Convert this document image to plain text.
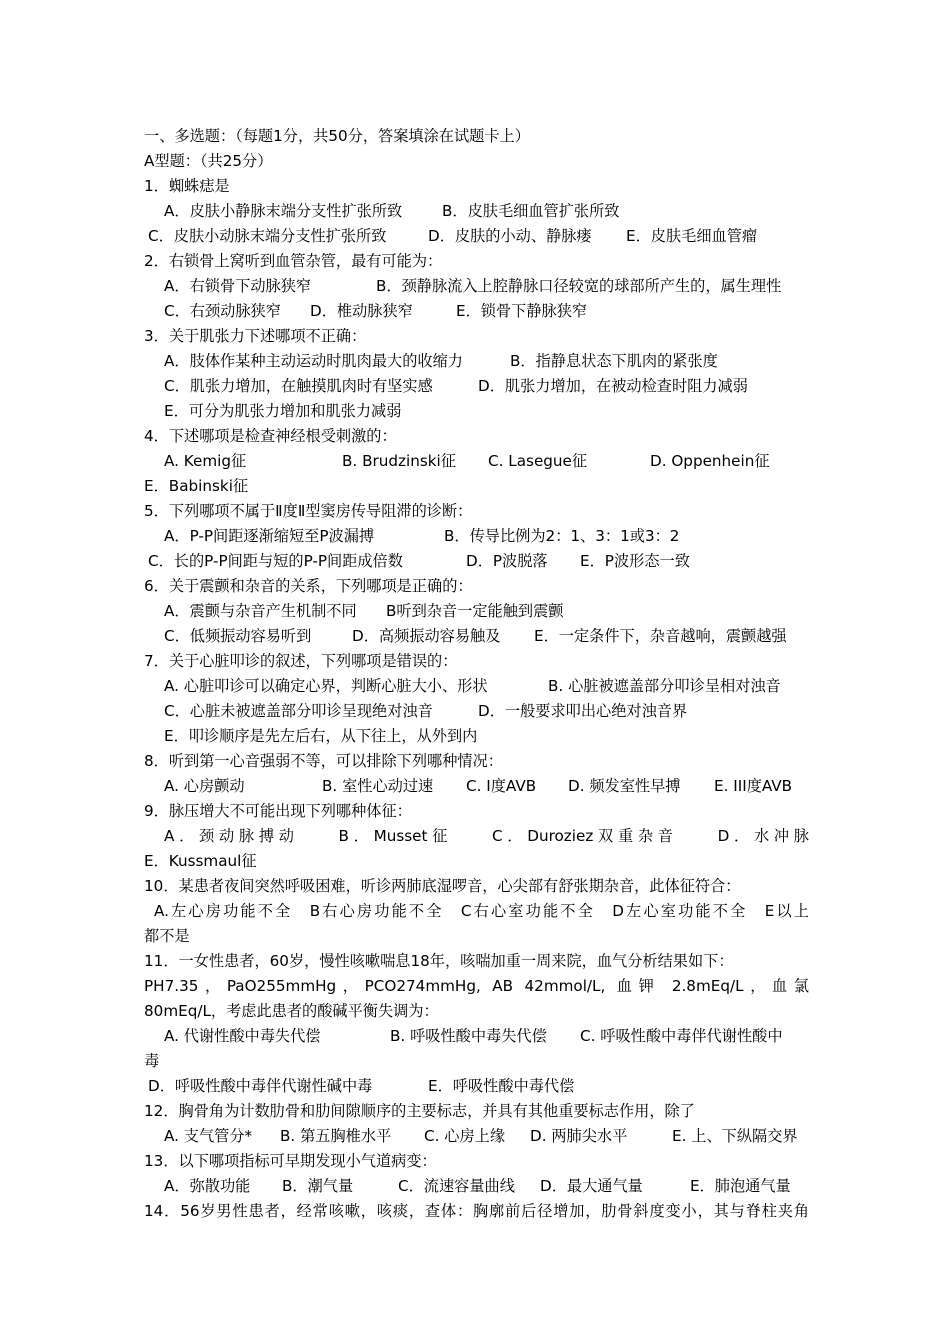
一、多选题：（每题1分，共50分，答案填涂在试题卡上）
A型题：（共25分）
1．蜘蛛痣是
A．皮肤小静脉末端分支性扩张所致	B．皮肤毛细血管扩张所致
C．皮肤小动脉末端分支性扩张所致	D．皮肤的小动、静脉瘘 E．皮肤毛细血管瘤
2．右锁骨上窝听到血管杂管，最有可能为：
A．右锁骨下动脉狭窄	B．颈静脉流入上腔静脉口径较宽的球部所产生的，属生理性
C．右颈动脉狭窄 D．椎动脉狭窄	E．锁骨下静脉狭窄
3．关于肌张力下述哪项不正确：
A．肢体作某种主动运动时肌肉最大的收缩力	B．指静息状态下肌肉的紧张度
C．肌张力增加，在触摸肌肉时有坚实感	D．肌张力增加，在被动检查时阻力减弱
E．可分为肌张力增加和肌张力减弱
4．下述哪项是检查神经根受刺激的：
A. Kemig征	B. Brudzinski征 C. Lasegue征	D. Oppenhein征
E．Babinski征
5．下列哪项不属于Ⅱ度Ⅱ型窦房传导阻滞的诊断：
A．P-P间距逐渐缩短至P波漏搏	B．传导比例为2：1、3：1或3：2
C．长的P-P间距与短的P-P间距成倍数	D．P波脱落 E．P波形态一致
6．关于震颤和杂音的关系，下列哪项是正确的：
A．震颤与杂音产生机制不同 B听到杂音一定能触到震颤
C．低频振动容易听到	D．高频振动容易触及 E．一定条件下，杂音越响，震颤越强
7．关于心脏叩诊的叙述，下列哪项是错误的：
A. 心脏叩诊可以确定心界，判断心脏大小、形状	B. 心脏被遮盖部分叩诊呈相对浊音
C．心脏未被遮盖部分叩诊呈现绝对浊音	D．一般要求叩出心绝对浊音界
E．叩诊顺序是先左后右，从下往上，从外到内
8．听到第一心音强弱不等，可以排除下列哪种情况：
A. 心房颤动	B. 室性心动过速 C. I度AVB D. 频发室性早搏 E. III度AVB
9．脉压增大不可能出现下列哪种体征：
A．颈动脉搏动　　B．Musset征　　C．Duroziez双重杂音　　D．水冲脉
E．Kussmaul征
10．某患者夜间突然呼吸困难，听诊两肺底湿啰音，心尖部有舒张期杂音，此体征符合：
A.左心房功能不全　B右心房功能不全　C右心室功能不全　D左心室功能不全　E以上
都不是
11．一女性患者，60岁，慢性咳嗽喘息18年，咳喘加重一周来院，血气分析结果如下：
PH7.35，PaO255mmHg，PCO274mmHg, AB 42mmol/L, 血钾 2.8mEq/L，血氯
80mEq/L，考虑此患者的酸碱平衡失调为：
A. 代谢性酸中毒失代偿	B. 呼吸性酸中毒失代偿 C. 呼吸性酸中毒伴代谢性酸中
毒
D．呼吸性酸中毒伴代谢性碱中毒	E．呼吸性酸中毒代偿
12．胸骨角为计数肋骨和肋间隙顺序的主要标志，并具有其他重要标志作用，除了
A. 支气管分* B. 第五胸椎水平 C. 心房上缘 D. 两肺尖水平	E. 上、下纵隔交界
13．以下哪项指标可早期发现小气道病变：
A．弥散功能 B．潮气量	C．流速容量曲线 D．最大通气量	E．肺泡通气量
14．56岁男性患者，经常咳嗽，咳痰，查体：胸廓前后径增加，肋骨斜度变小，其与脊柱夹角
